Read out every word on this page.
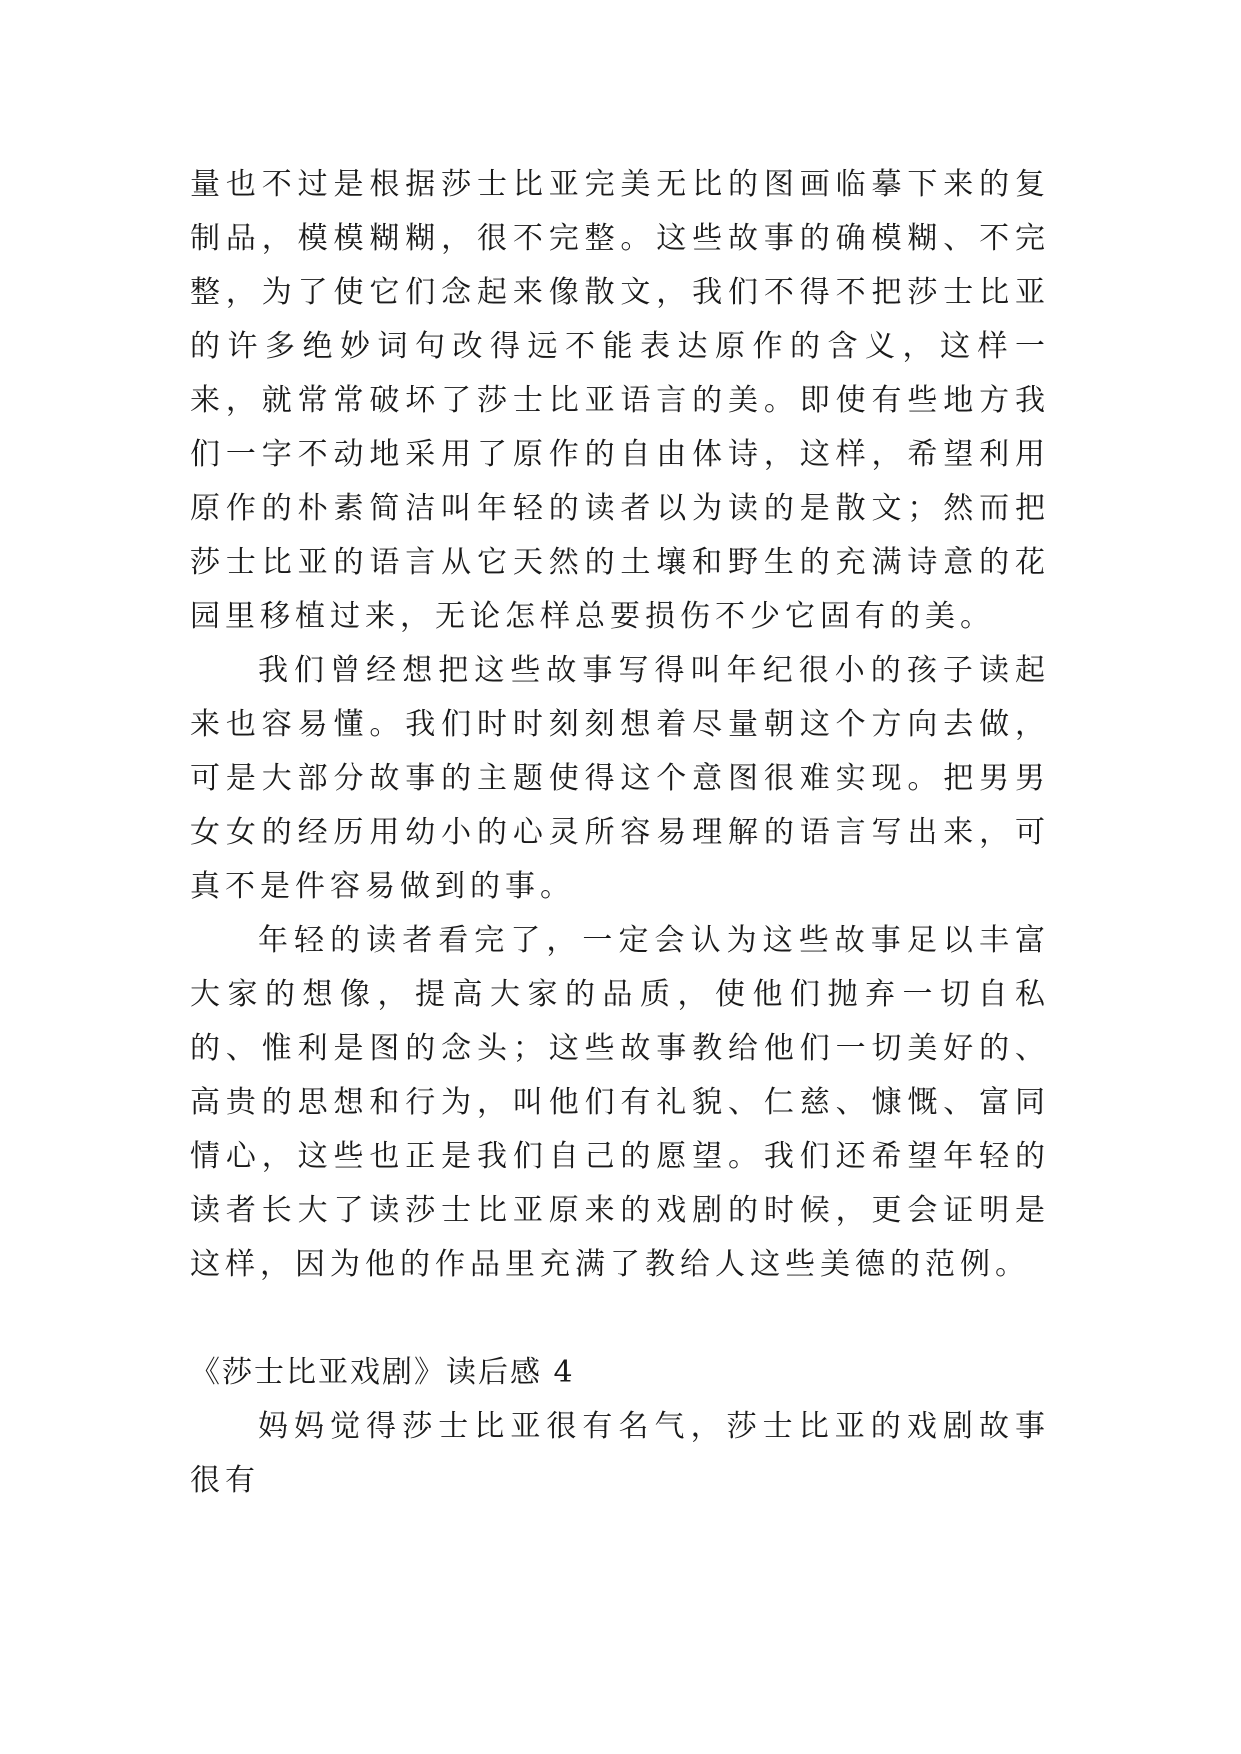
量也不过是根据莎士比亚完美无比的图画临摹下来的复制品，模模糊糊，很不完整。这些故事的确模糊、不完整，为了使它们念起来像散文，我们不得不把莎士比亚的许多绝妙词句改得远不能表达原作的含义，这样一来，就常常破坏了莎士比亚语言的美。即使有些地方我们一字不动地采用了原作的自由体诗，这样，希望利用原作的朴素简洁叫年轻的读者以为读的是散文；然而把莎士比亚的语言从它天然的土壤和野生的充满诗意的花园里移植过来，无论怎样总要损伤不少它固有的美。

我们曾经想把这些故事写得叫年纪很小的孩子读起来也容易懂。我们时时刻刻想着尽量朝这个方向去做，可是大部分故事的主题使得这个意图很难实现。把男男女女的经历用幼小的心灵所容易理解的语言写出来，可真不是件容易做到的事。

年轻的读者看完了，一定会认为这些故事足以丰富大家的想像，提高大家的品质，使他们抛弃一切自私的、惟利是图的念头；这些故事教给他们一切美好的、高贵的思想和行为，叫他们有礼貌、仁慈、慷慨、富同情心，这些也正是我们自己的愿望。我们还希望年轻的读者长大了读莎士比亚原来的戏剧的时候，更会证明是这样，因为他的作品里充满了教给人这些美德的范例。

《莎士比亚戏剧》读后感 4

妈妈觉得莎士比亚很有名气，莎士比亚的戏剧故事很有
